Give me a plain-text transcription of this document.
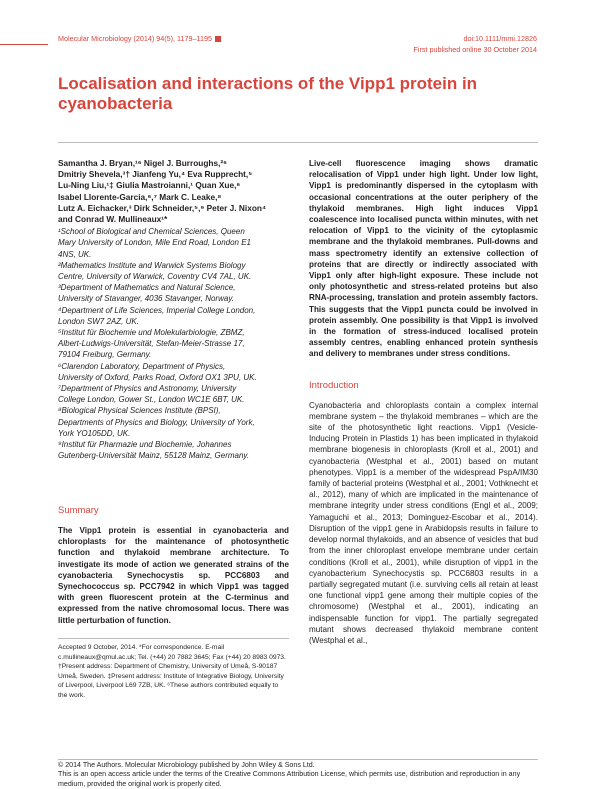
Molecular Microbiology (2014) 94(5), 1179–1195	doi:10.1111/mmi.12826
First published online 30 October 2014
Localisation and interactions of the Vipp1 protein in cyanobacteria
Samantha J. Bryan,¹⁶ Nigel J. Burroughs,²⁶
Dmitriy Shevela,³† Jianfeng Yu,⁴ Eva Rupprecht,⁵
Lu-Ning Liu,¹‡ Giulia Mastroianni,¹ Quan Xue,⁶
Isabel Llorente-Garcia,⁶,⁷ Mark C. Leake,⁸
Lutz A. Eichacker,³ Dirk Schneider,⁵,⁹ Peter J. Nixon⁴
and Conrad W. Mullineaux¹*
¹School of Biological and Chemical Sciences, Queen
Mary University of London, Mile End Road, London E1
4NS, UK.
²Mathematics Institute and Warwick Systems Biology
Centre, University of Warwick, Coventry CV4 7AL, UK.
³Department of Mathematics and Natural Science,
University of Stavanger, 4036 Stavanger, Norway.
⁴Department of Life Sciences, Imperial College London,
London SW7 2AZ, UK.
⁵Institut für Biochemie und Molekularbiologie, ZBMZ,
Albert-Ludwigs-Universität, Stefan-Meier-Strasse 17,
79104 Freiburg, Germany.
⁶Clarendon Laboratory, Department of Physics,
University of Oxford, Parks Road, Oxford OX1 3PU, UK.
⁷Department of Physics and Astronomy, University
College London, Gower St., London WC1E 6BT, UK.
⁸Biological Physical Sciences Institute (BPSI),
Departments of Physics and Biology, University of York,
York YO105DD, UK.
⁹Institut für Pharmazie und Biochemie, Johannes
Gutenberg-Universität Mainz, 55128 Mainz, Germany.
Summary

The Vipp1 protein is essential in cyanobacteria and chloroplasts for the maintenance of photosynthetic function and thylakoid membrane architecture. To investigate its mode of action we generated strains of the cyanobacteria Synechocystis sp. PCC6803 and Synechococcus sp. PCC7942 in which Vipp1 was tagged with green fluorescent protein at the C-terminus and expressed from the native chromosomal locus. There was little perturbation of function.

Accepted 9 October, 2014. *For correspondence. E-mail c.mullineaux@qmul.ac.uk; Tel. (+44) 20 7882 3645; Fax (+44) 20 8983 0973. †Present address: Department of Chemistry, University of Umeå, S-90187 Umeå, Sweden. ‡Present address: Institute of Integrative Biology, University of Liverpool, Liverpool L69 7ZB, UK. ⁶These authors contributed equally to the work.

Live-cell fluorescence imaging shows dramatic relocalisation of Vipp1 under high light. Under low light, Vipp1 is predominantly dispersed in the cytoplasm with occasional concentrations at the outer periphery of the thylakoid membranes. High light induces Vipp1 coalescence into localised puncta within minutes, with net relocation of Vipp1 to the vicinity of the cytoplasmic membrane and the thylakoid membranes. Pull-downs and mass spectrometry identify an extensive collection of proteins that are directly or indirectly associated with Vipp1 only after high-light exposure. These include not only photosynthetic and stress-related proteins but also RNA-processing, translation and protein assembly factors. This suggests that the Vipp1 puncta could be involved in protein assembly. One possibility is that Vipp1 is involved in the formation of stress-induced localised protein assembly centres, enabling enhanced protein synthesis and delivery to membranes under stress conditions.

Introduction

Cyanobacteria and chloroplasts contain a complex internal membrane system – the thylakoid membranes – which are the site of the photosynthetic light reactions. Vipp1 (Vesicle-Inducing Protein in Plastids 1) has been implicated in thylakoid membrane biogenesis in chloroplasts (Kroll et al., 2001) and cyanobacteria (Westphal et al., 2001) based on mutant phenotypes. Vipp1 is a member of the widespread PspA/IM30 family of bacterial proteins (Westphal et al., 2001; Vothknecht et al., 2012), many of which are implicated in the maintenance of membrane integrity under stress conditions (Engl et al., 2009; Yamaguchi et al., 2013; Dominguez-Escobar et al., 2014). Disruption of the vipp1 gene in Arabidopsis results in failure to develop normal thylakoids, and an absence of vesicles that bud from the inner chloroplast envelope membrane under certain conditions (Kroll et al., 2001), while disruption of vipp1 in the cyanobacterium Synechocystis sp. PCC6803 results in a partially segregated mutant (i.e. surviving cells all retain at least one functional vipp1 gene among their multiple copies of the chromosome) (Westphal et al., 2001), indicating an indispensable function for vipp1. The partially segregated mutant shows decreased thylakoid membrane content (Westphal et al.,

© 2014 The Authors. Molecular Microbiology published by John Wiley & Sons Ltd.
This is an open access article under the terms of the Creative Commons Attribution License, which permits use, distribution and reproduction in any medium, provided the original work is properly cited.
